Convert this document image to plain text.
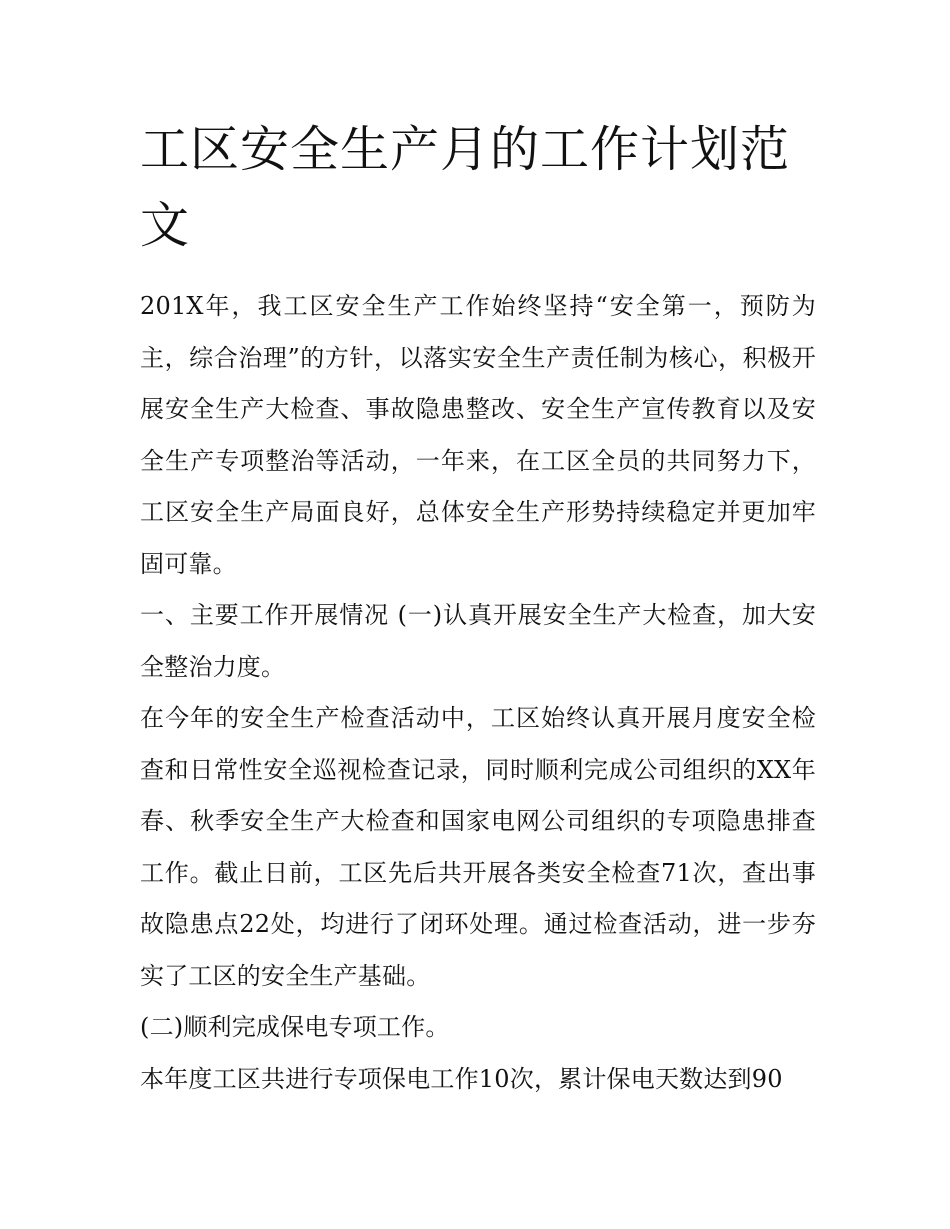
工区安全生产月的工作计划范文

201X年，我工区安全生产工作始终坚持“安全第一，预防为主，综合治理”的方针，以落实安全生产责任制为核心，积极开展安全生产大检查、事故隐患整改、安全生产宣传教育以及安全生产专项整治等活动，一年来，在工区全员的共同努力下，工区安全生产局面良好，总体安全生产形势持续稳定并更加牢固可靠。

一、主要工作开展情况 (一)认真开展安全生产大检查，加大安全整治力度。

在今年的安全生产检查活动中，工区始终认真开展月度安全检查和日常性安全巡视检查记录，同时顺利完成公司组织的XX年春、秋季安全生产大检查和国家电网公司组织的专项隐患排查工作。截止日前，工区先后共开展各类安全检查71次，查出事故隐患点22处，均进行了闭环处理。通过检查活动，进一步夯实了工区的安全生产基础。

(二)顺利完成保电专项工作。

本年度工区共进行专项保电工作10次，累计保电天数达到90
